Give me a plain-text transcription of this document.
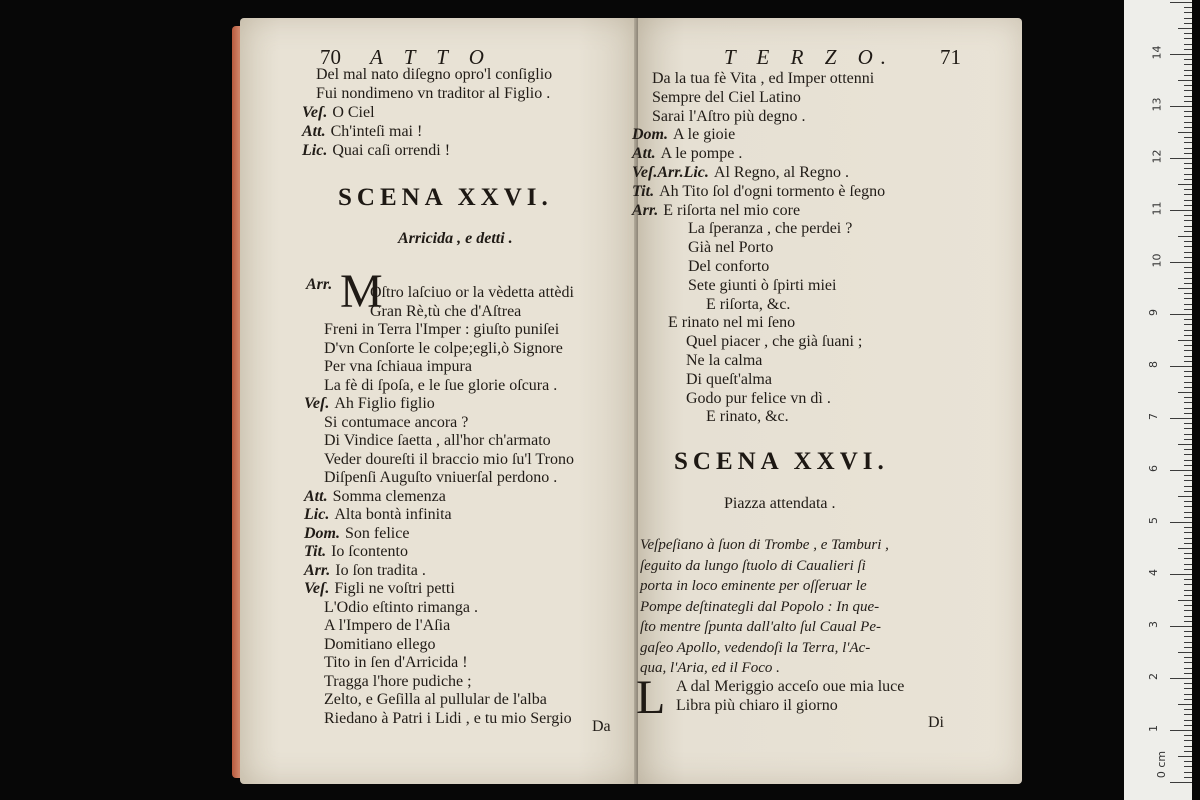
70 A T T O
Del mal nato diſegno opro'l conſiglio
Fui nondimeno vn traditor al Figlio .
Veſ. O Ciel
Att. Ch'inteſi mai !
Lic. Quai caſi orrendi !
SCENA XXVI.
Arricida , e detti .
Arr. M
Oſtro laſciuo or la vèdetta attèdi
Gran Rè,tù che d'Aſtrea
Freni in Terra l'Imper : giuſto puniſei
D'vn Conſorte le colpe;egli,ò Signore
Per vna ſchiaua impura
La fè di ſpoſa, e le ſue glorie oſcura .
Veſ. Ah Figlio figlio
Si contumace ancora ?
Di Vindice ſaetta , all'hor ch'armato
Veder doureſti il braccio mio ſu'l Trono
Diſpenſi Auguſto vniuerſal perdono .
Att. Somma clemenza
Lic. Alta bontà infinita
Dom. Son felice
Tit. Io ſcontento
Arr. Io ſon tradita .
Veſ. Figli ne voſtri petti
L'Odio eſtinto rimanga .
A l'Impero de l'Aſia
Domitiano ellego
Tito in ſen d'Arricida !
Tragga l'hore pudiche ;
Zelto, e Geſilla al pullular de l'alba
Riedano à Patri i Lidi , e tu mio Sergio Da
T E R Z O. 71
Da la tua fè Vita , ed Imper ottenni
Sempre del Ciel Latino
Sarai l'Aſtro più degno .
Dom. A le gioie
Att. A le pompe .
Veſ.Arr.Lic. Al Regno, al Regno .
Tit. Ah Tito ſol d'ogni tormento è ſegno
Arr. E riſorta nel mio core
La ſperanza , che perdei ?
Già nel Porto
Del conforto
Sete giunti ò ſpirti miei
E riſorta, &c.
E rinato nel mi ſeno
Quel piacer , che già ſuani ;
Ne la calma
Di queſt'alma
Godo pur felice vn dì .
E rinato, &c.
SCENA XXVI.
Piazza attendata .
Veſpeſiano à ſuon di Trombe , e Tamburi ,
ſeguito da lungo ſtuolo di Caualieri ſi
porta in loco eminente per oſſeruar le
Pompe deſtinategli dal Popolo : In que-
ſto mentre ſpunta dall'alto ſul Caual Pe-
gaſeo Apollo, vedendoſi la Terra, l'Ac-
qua, l'Aria, ed il Foco .
L A dal Meriggio acceſo oue mia luce
Libra più chiaro il giorno
Di
14
13
12
11
10
9
8
7
6
5
4
3
2
1
0 cm
